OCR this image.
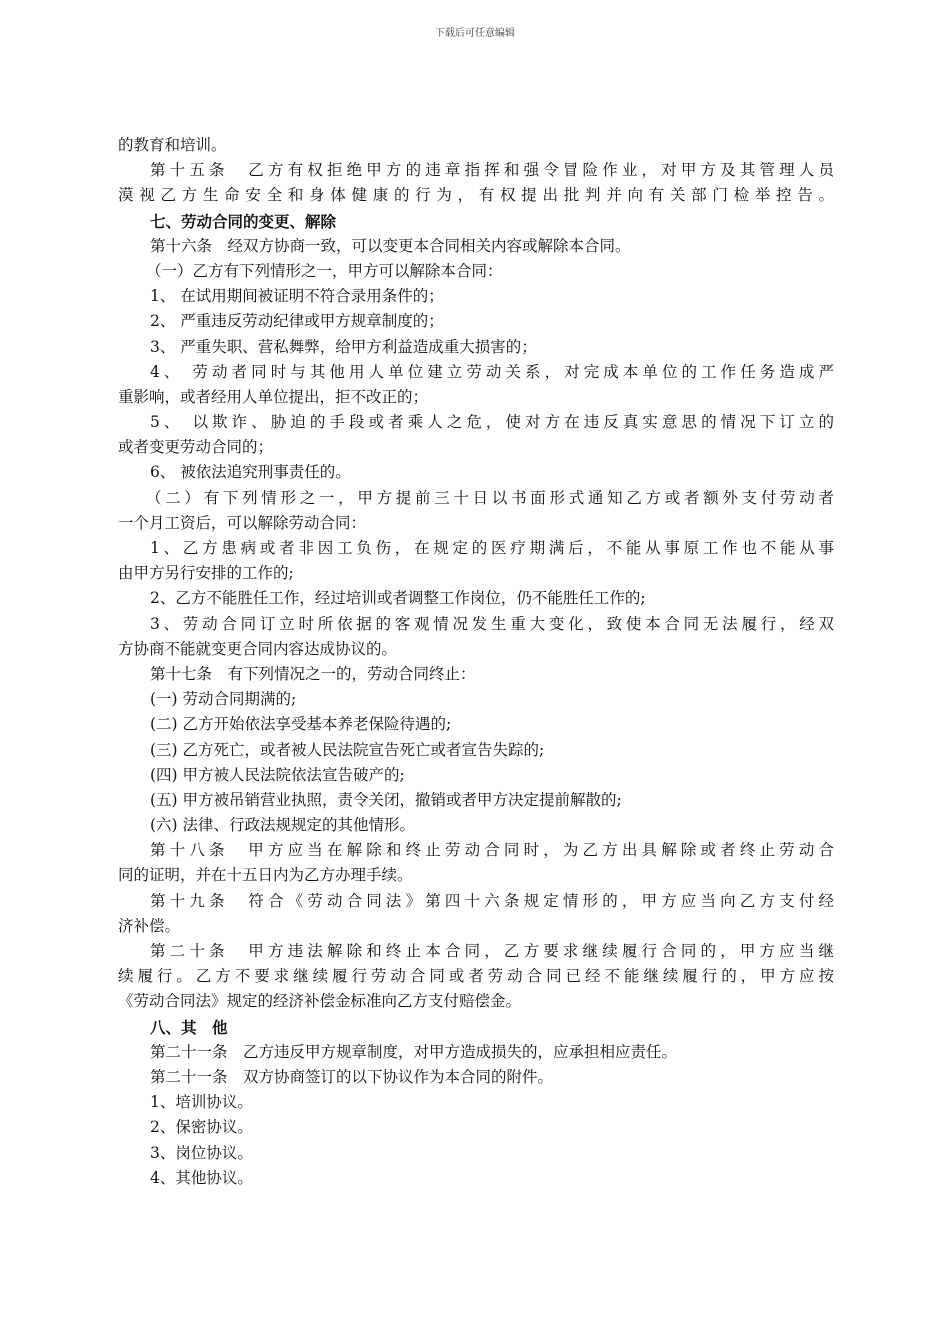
下载后可任意编辑
的教育和培训。
第十五条　乙方有权拒绝甲方的违章指挥和强令冒险作业，对甲方及其管理人员
漠视乙方生命安全和身体健康的行为，有权提出批判并向有关部门检举控告。
七、劳动合同的变更、解除
第十六条　经双方协商一致，可以变更本合同相关内容或解除本合同。
（一）乙方有下列情形之一，甲方可以解除本合同：
1、 在试用期间被证明不符合录用条件的；
2、 严重违反劳动纪律或甲方规章制度的；
3、 严重失职、营私舞弊，给甲方利益造成重大损害的；
4、 劳动者同时与其他用人单位建立劳动关系，对完成本单位的工作任务造成严
重影响，或者经用人单位提出，拒不改正的；
5、 以欺诈、胁迫的手段或者乘人之危，使对方在违反真实意思的情况下订立的
或者变更劳动合同的；
6、 被依法追究刑事责任的。
（二）有下列情形之一，甲方提前三十日以书面形式通知乙方或者额外支付劳动者
一个月工资后，可以解除劳动合同：
1、乙方患病或者非因工负伤，在规定的医疗期满后，不能从事原工作也不能从事
由甲方另行安排的工作的;
2、乙方不能胜任工作，经过培训或者调整工作岗位，仍不能胜任工作的;
3、劳动合同订立时所依据的客观情况发生重大变化，致使本合同无法履行，经双
方协商不能就变更合同内容达成协议的。
第十七条　有下列情况之一的，劳动合同终止：
(一) 劳动合同期满的;
(二) 乙方开始依法享受基本养老保险待遇的;
(三) 乙方死亡，或者被人民法院宣告死亡或者宣告失踪的;
(四) 甲方被人民法院依法宣告破产的;
(五) 甲方被吊销营业执照，责令关闭，撤销或者甲方决定提前解散的;
(六) 法律、行政法规规定的其他情形。
第十八条　甲方应当在解除和终止劳动合同时，为乙方出具解除或者终止劳动合
同的证明，并在十五日内为乙方办理手续。
第十九条　符合《劳动合同法》第四十六条规定情形的，甲方应当向乙方支付经
济补偿。
第二十条　甲方违法解除和终止本合同，乙方要求继续履行合同的，甲方应当继
续履行。乙方不要求继续履行劳动合同或者劳动合同已经不能继续履行的，甲方应按
《劳动合同法》规定的经济补偿金标准向乙方支付赔偿金。
八、其　他
第二十一条　乙方违反甲方规章制度，对甲方造成损失的，应承担相应责任。
第二十一条　双方协商签订的以下协议作为本合同的附件。
1、培训协议。
2、保密协议。
3、岗位协议。
4、其他协议。
